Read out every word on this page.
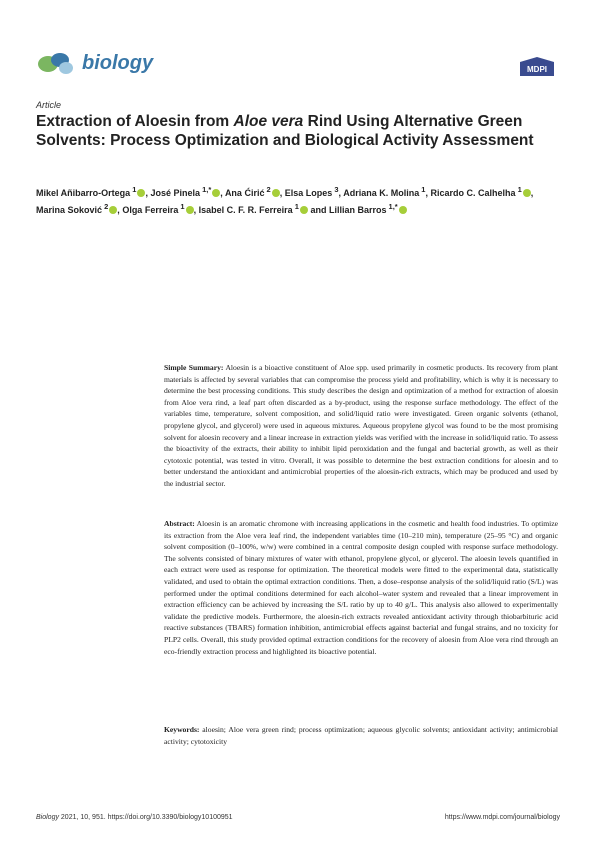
biology	MDPI
Article
Extraction of Aloesin from Aloe vera Rind Using Alternative Green Solvents: Process Optimization and Biological Activity Assessment
Mikel Añibarro-Ortega $^1$ , José Pinela $^{1,*}$ , Ana Ćirić $^2$ , Elsa Lopes $^3$, Adriana K. Molina $^1$, Ricardo C. Calhelha $^1$ , Marina Soković $^2$ , Olga Ferreira $^1$ , Isabel C. F. R. Ferreira $^1$ and Lillian Barros $^{1,*}$
Simple Summary: Aloesin is a bioactive constituent of Aloe spp. used primarily in cosmetic products. Its recovery from plant materials is affected by several variables that can compromise the process yield and profitability, which is why it is necessary to determine the best processing conditions. This study describes the design and optimization of a method for extraction of aloesin from Aloe vera rind, a leaf part often discarded as a by-product, using the response surface methodology. The effect of the variables time, temperature, solvent composition, and solid/liquid ratio were investigated. Green organic solvents (ethanol, propylene glycol, and glycerol) were used in aqueous mixtures. Aqueous propylene glycol was found to be the most promising solvent for aloesin recovery and a linear increase in extraction yields was verified with the increase in solid/liquid ratio. To assess the bioactivity of the extracts, their ability to inhibit lipid peroxidation and the fungal and bacterial growth, as well as their cytotoxic potential, was tested in vitro. Overall, it was possible to determine the best extraction conditions for aloesin and to better understand the antioxidant and antimicrobial properties of the aloesin-rich extracts, which may be produced and used by the industrial sector.
Abstract: Aloesin is an aromatic chromone with increasing applications in the cosmetic and health food industries. To optimize its extraction from the Aloe vera leaf rind, the independent variables time (10–210 min), temperature (25–95 °C) and organic solvent composition (0–100%, w/w) were combined in a central composite design coupled with response surface methodology. The solvents consisted of binary mixtures of water with ethanol, propylene glycol, or glycerol. The aloesin levels quantified in each extract were used as response for optimization. The theoretical models were fitted to the experimental data, statistically validated, and used to obtain the optimal extraction conditions. Then, a dose–response analysis of the solid/liquid ratio (S/L) was performed under the optimal conditions determined for each alcohol–water system and revealed that a linear improvement in extraction efficiency can be achieved by increasing the S/L ratio by up to 40 g/L. This analysis also allowed to experimentally validate the predictive models. Furthermore, the aloesin-rich extracts revealed antioxidant activity through thiobarbituric acid reactive substances (TBARS) formation inhibition, antimicrobial effects against bacterial and fungal strains, and no toxicity for PLP2 cells. Overall, this study provided optimal extraction conditions for the recovery of aloesin from Aloe vera rind through an eco-friendly extraction process and highlighted its bioactive potential.
Keywords: aloesin; Aloe vera green rind; process optimization; aqueous glycolic solvents; antioxidant activity; antimicrobial activity; cytotoxicity
Biology 2021, 10, 951. https://doi.org/10.3390/biology10100951	https://www.mdpi.com/journal/biology
